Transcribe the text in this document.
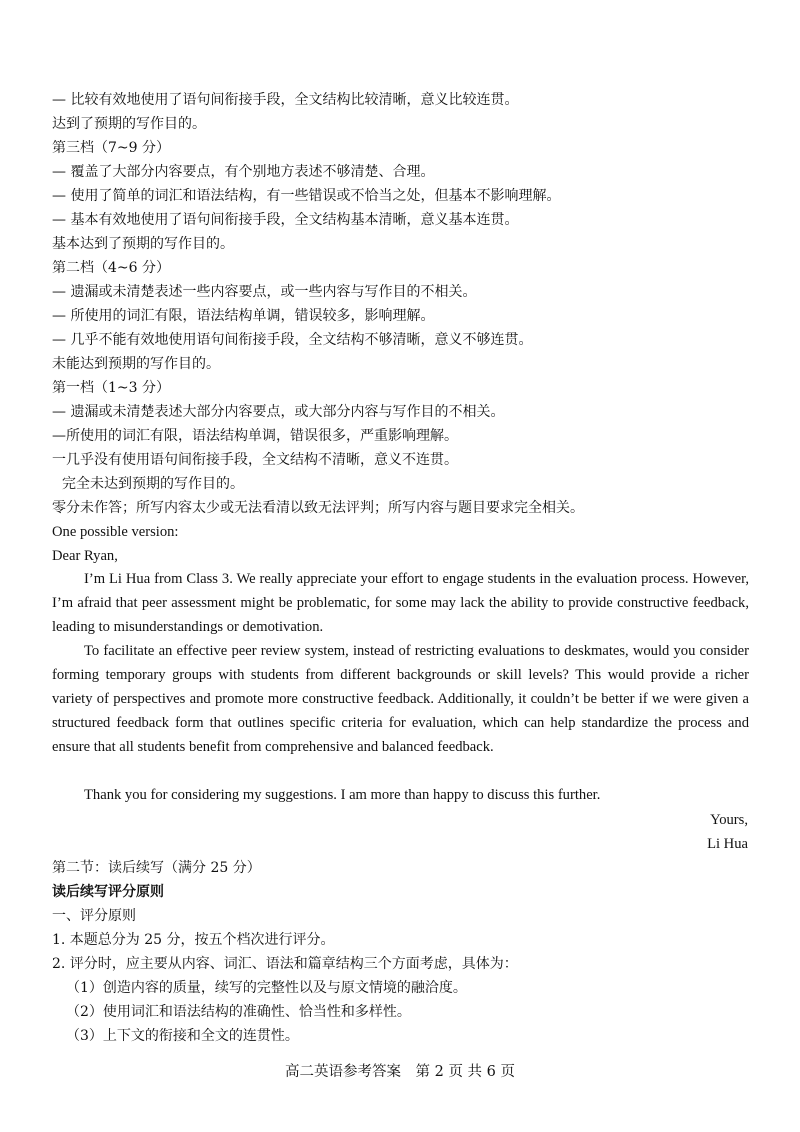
— 比较有效地使用了语句间衔接手段，全文结构比较清晰，意义比较连贯。
达到了预期的写作目的。
第三档（7~9 分）
— 覆盖了大部分内容要点，有个别地方表述不够清楚、合理。
— 使用了简单的词汇和语法结构，有一些错误或不恰当之处，但基本不影响理解。
— 基本有效地使用了语句间衔接手段，全文结构基本清晰，意义基本连贯。
基本达到了预期的写作目的。
第二档（4~6 分）
— 遗漏或未清楚表述一些内容要点，或一些内容与写作目的不相关。
— 所使用的词汇有限，语法结构单调，错误较多，影响理解。
— 几乎不能有效地使用语句间衔接手段，全文结构不够清晰，意义不够连贯。
未能达到预期的写作目的。
第一档（1~3 分）
— 遗漏或未清楚表述大部分内容要点，或大部分内容与写作目的不相关。
—所使用的词汇有限，语法结构单调，错误很多，严重影响理解。
一几乎没有使用语句间衔接手段，全文结构不清晰，意义不连贯。
完全未达到预期的写作目的。
零分未作答；所写内容太少或无法看清以致无法评判；所写内容与题目要求完全相关。
One possible version:
Dear Ryan,
I’m Li Hua from Class 3. We really appreciate your effort to engage students in the evaluation process. However, I’m afraid that peer assessment might be problematic, for some may lack the ability to provide constructive feedback, leading to misunderstandings or demotivation.
To facilitate an effective peer review system, instead of restricting evaluations to deskmates, would you consider forming temporary groups with students from different backgrounds or skill levels? This would provide a richer variety of perspectives and promote more constructive feedback. Additionally, it couldn’t be better if we were given a structured feedback form that outlines specific criteria for evaluation, which can help standardize the process and ensure that all students benefit from comprehensive and balanced feedback.
Thank you for considering my suggestions. I am more than happy to discuss this further.
Yours,
Li Hua
第二节：读后续写（满分 25 分）
读后续写评分原则
一、评分原则
1. 本题总分为 25 分，按五个档次进行评分。
2. 评分时，应主要从内容、词汇、语法和篇章结构三个方面考虑，具体为：
（1）创造内容的质量，续写的完整性以及与原文情境的融洽度。
（2）使用词汇和语法结构的准确性、恰当性和多样性。
（3）上下文的衔接和全文的连贯性。
高二英语参考答案　第 2 页 共 6 页
